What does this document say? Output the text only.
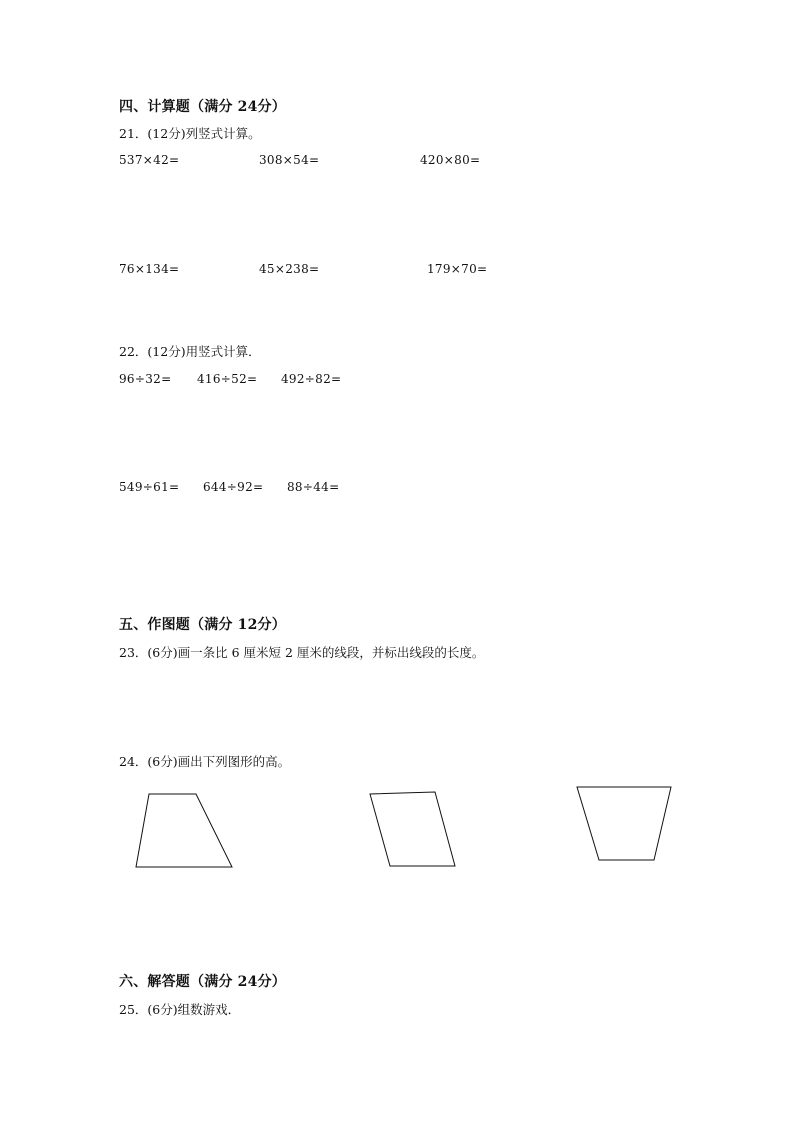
四、计算题（满分 24分）
21．(12分)列竖式计算。
537×42=	308×54=	420×80=
76×134=	45×238=	179×70=
22．(12分)用竖式计算．
96÷32= 416÷52= 492÷82=
549÷61= 644÷92= 88÷44=
五、作图题（满分 12分）
23．(6分)画一条比 6 厘米短 2 厘米的线段，并标出线段的长度。
24．(6分)画出下列图形的高。
六、解答题（满分 24分）
25．(6分)组数游戏．
